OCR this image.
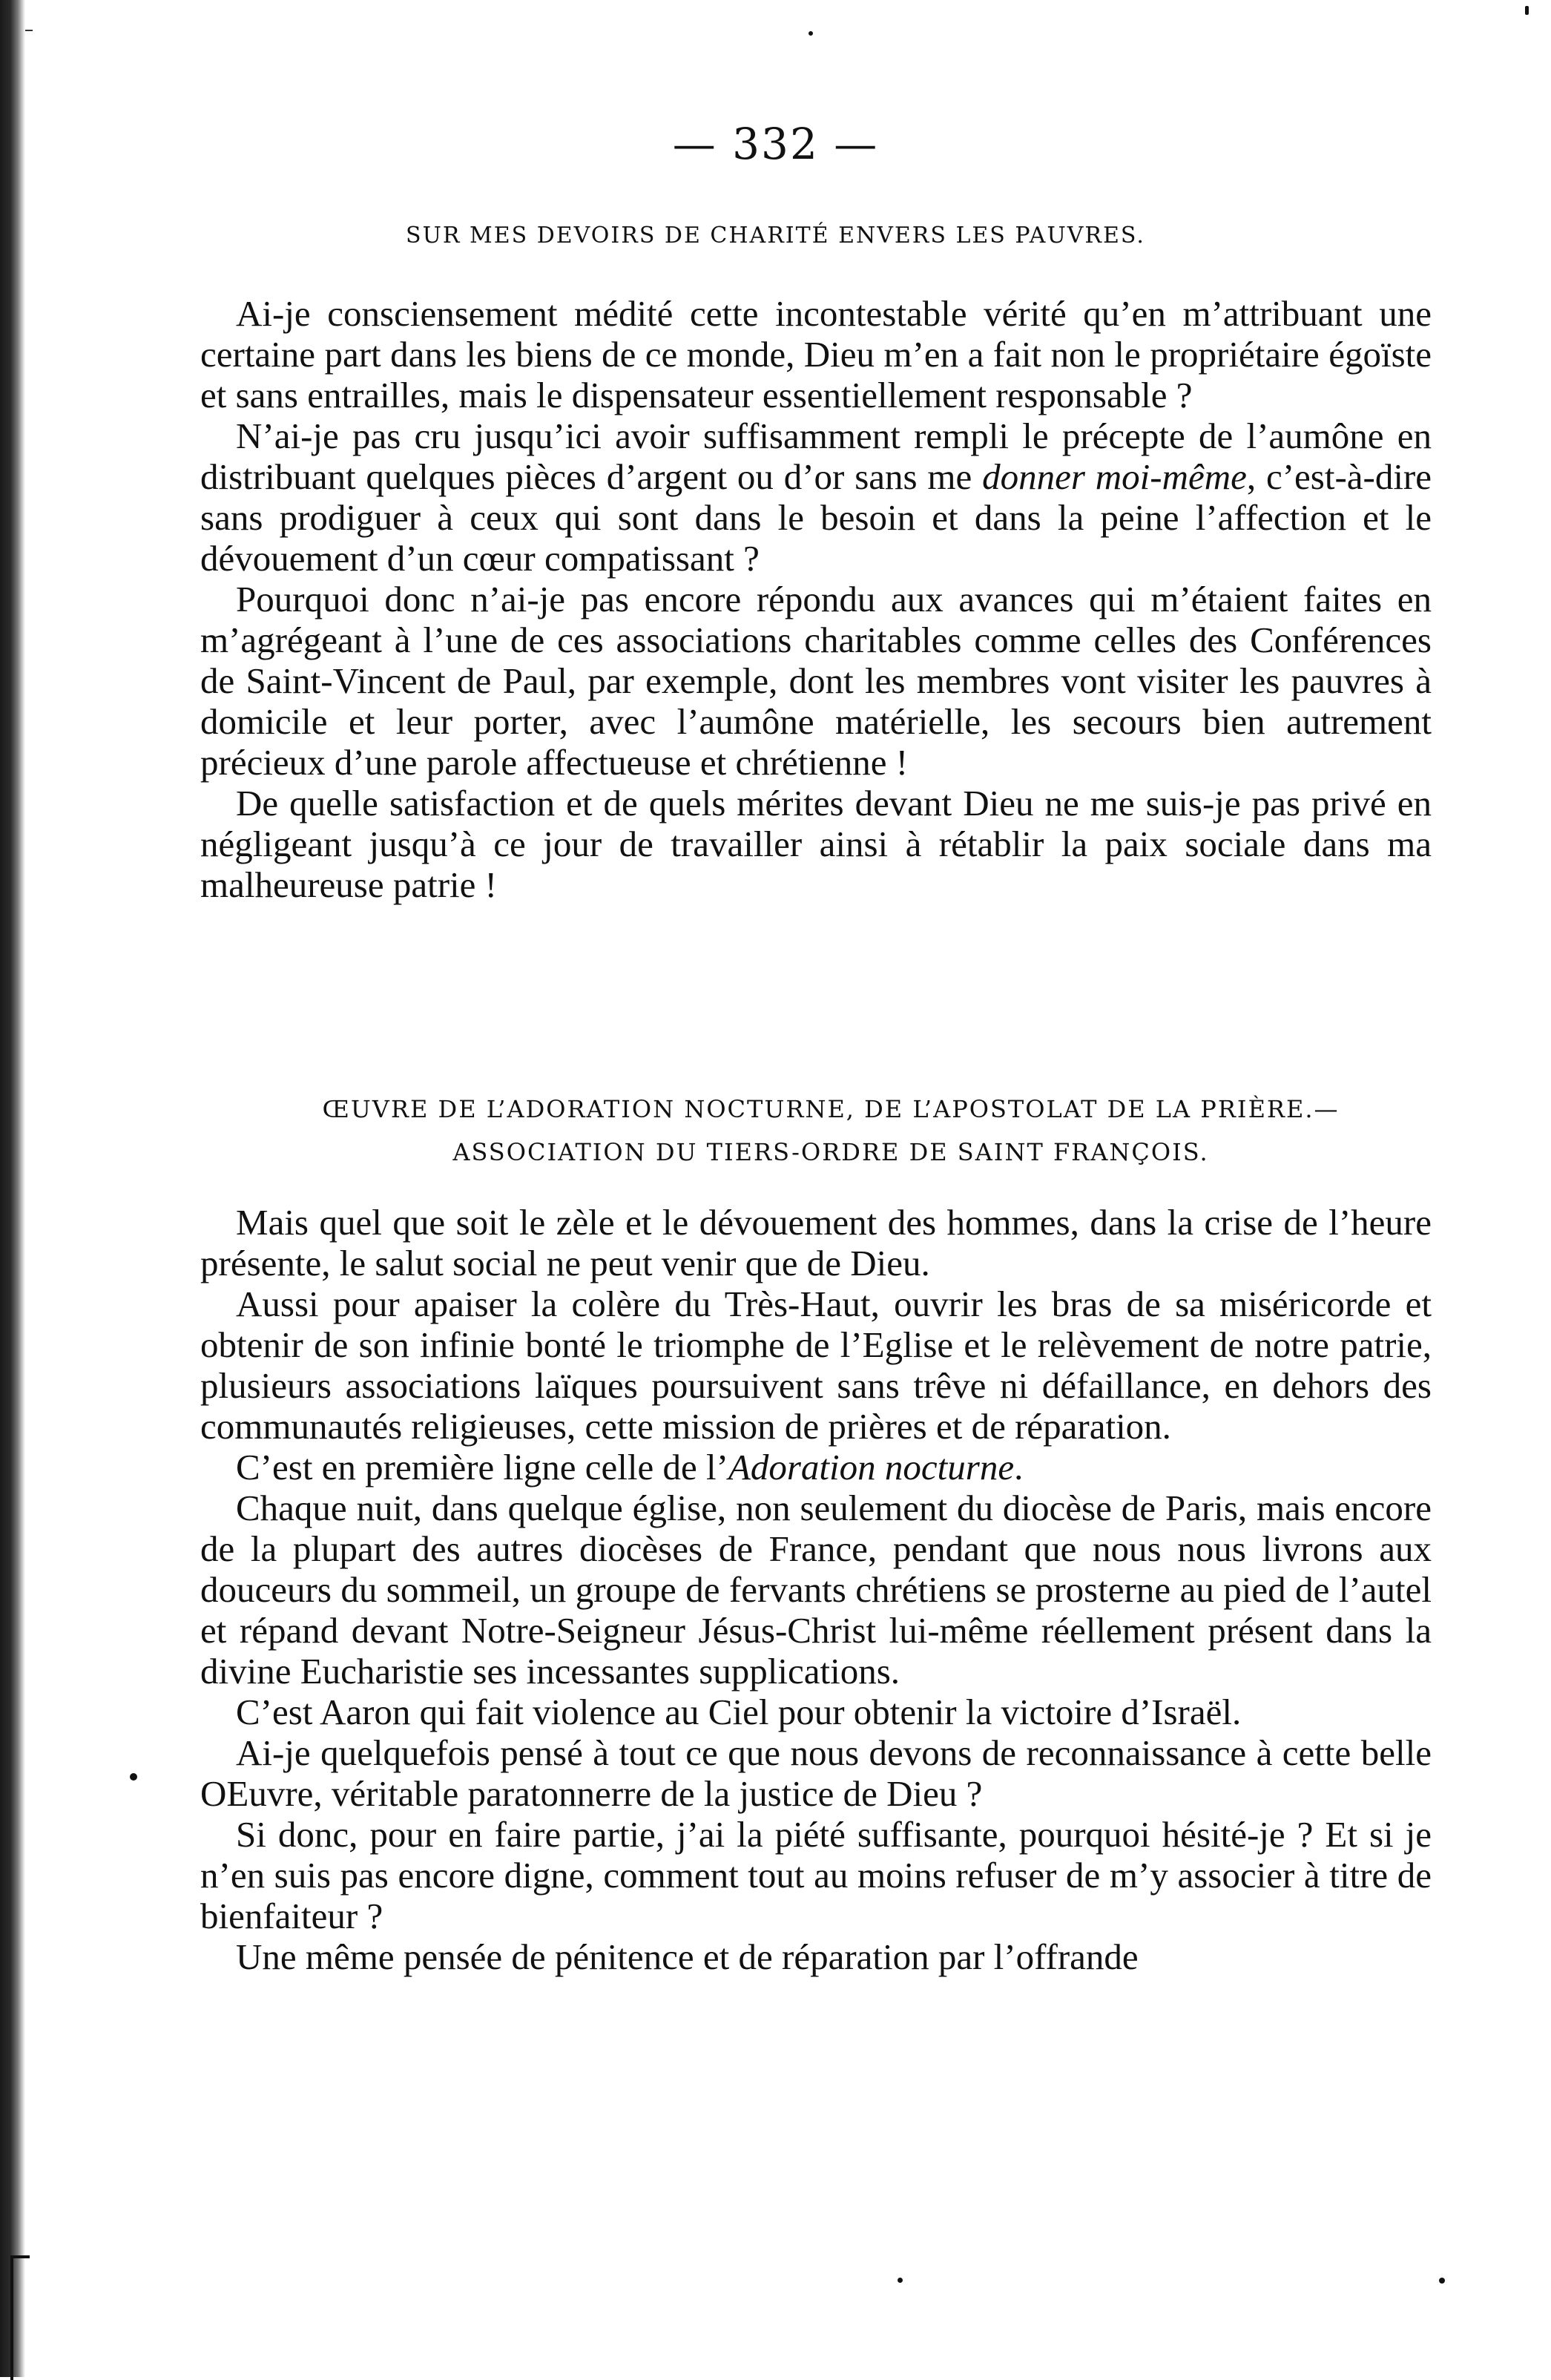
— 332 —
SUR MES DEVOIRS DE CHARITÉ ENVERS LES PAUVRES.

Ai-je consciensement médité cette incontestable vérité qu’en m’attribuant une certaine part dans les biens de ce monde, Dieu m’en a fait non le propriétaire égoïste et sans entrailles, mais le dispensateur essentiellement responsable ?

N’ai-je pas cru jusqu’ici avoir suffisamment rempli le précepte de l’aumône en distribuant quelques pièces d’argent ou d’or sans me donner moi-même, c’est-à-dire sans prodiguer à ceux qui sont dans le besoin et dans la peine l’affection et le dévouement d’un cœur compatissant ?

Pourquoi donc n’ai-je pas encore répondu aux avances qui m’étaient faites en m’agrégeant à l’une de ces associations charitables comme celles des Conférences de Saint-Vincent de Paul, par exemple, dont les membres vont visiter les pauvres à domicile et leur porter, avec l’aumône matérielle, les secours bien autrement précieux d’une parole affectueuse et chrétienne !

De quelle satisfaction et de quels mérites devant Dieu ne me suis-je pas privé en négligeant jusqu’à ce jour de travailler ainsi à rétablir la paix sociale dans ma malheureuse patrie !

ŒUVRE DE L’ADORATION NOCTURNE, DE L’APOSTOLAT DE LA PRIÈRE.—
ASSOCIATION DU TIERS-ORDRE DE SAINT FRANÇOIS.

Mais quel que soit le zèle et le dévouement des hommes, dans la crise de l’heure présente, le salut social ne peut venir que de Dieu.

Aussi pour apaiser la colère du Très-Haut, ouvrir les bras de sa miséricorde et obtenir de son infinie bonté le triomphe de l’Eglise et le relèvement de notre patrie, plusieurs associations laïques poursuivent sans trêve ni défaillance, en dehors des communautés religieuses, cette mission de prières et de réparation.

C’est en première ligne celle de l’Adoration nocturne.

Chaque nuit, dans quelque église, non seulement du diocèse de Paris, mais encore de la plupart des autres diocèses de France, pendant que nous nous livrons aux douceurs du sommeil, un groupe de fervants chrétiens se prosterne au pied de l’autel et répand devant Notre-Seigneur Jésus-Christ lui-même réellement présent dans la divine Eucharistie ses incessantes supplications.

C’est Aaron qui fait violence au Ciel pour obtenir la victoire d’Israël.

Ai-je quelquefois pensé à tout ce que nous devons de reconnaissance à cette belle OEuvre, véritable paratonnerre de la justice de Dieu ?

Si donc, pour en faire partie, j’ai la piété suffisante, pourquoi hésité-je ? Et si je n’en suis pas encore digne, comment tout au moins refuser de m’y associer à titre de bienfaiteur ?

Une même pensée de pénitence et de réparation par l’offrande
